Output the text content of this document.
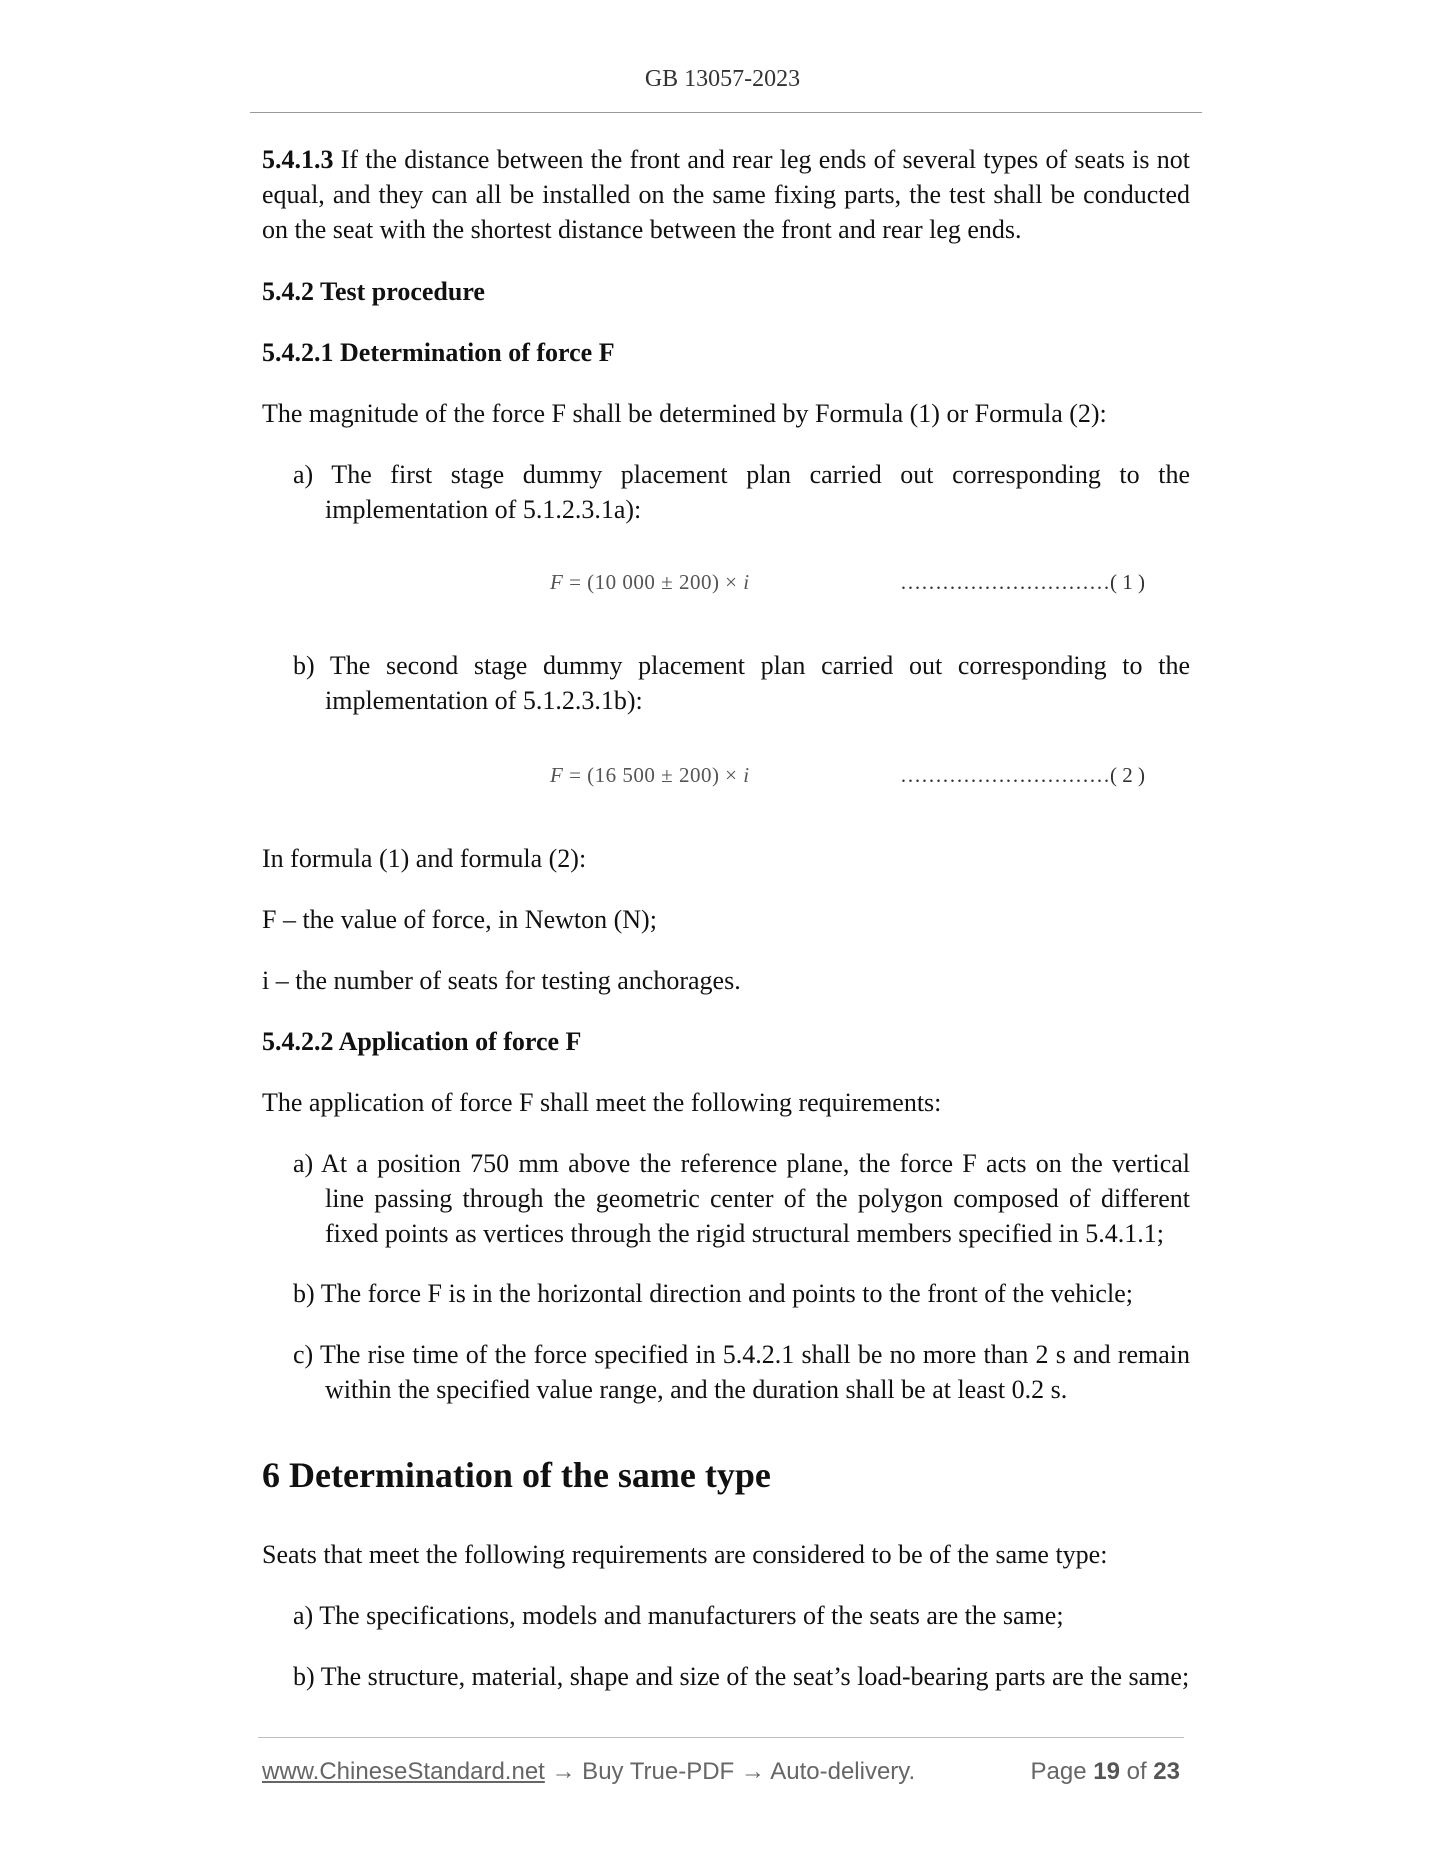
GB 13057-2023

5.4.1.3 If the distance between the front and rear leg ends of several types of seats is not equal, and they can all be installed on the same fixing parts, the test shall be conducted on the seat with the shortest distance between the front and rear leg ends.

5.4.2 Test procedure
5.4.2.1 Determination of force F
The magnitude of the force F shall be determined by Formula (1) or Formula (2):
a) The first stage dummy placement plan carried out corresponding to the implementation of 5.1.2.3.1a):
F = (10 000 ± 200) × i	…………………………( 1 )
b) The second stage dummy placement plan carried out corresponding to the implementation of 5.1.2.3.1b):
F = (16 500 ± 200) × i	…………………………( 2 )
In formula (1) and formula (2):
F – the value of force, in Newton (N);
i – the number of seats for testing anchorages.
5.4.2.2 Application of force F
The application of force F shall meet the following requirements:
a) At a position 750 mm above the reference plane, the force F acts on the vertical line passing through the geometric center of the polygon composed of different fixed points as vertices through the rigid structural members specified in 5.4.1.1;
b) The force F is in the horizontal direction and points to the front of the vehicle;
c) The rise time of the force specified in 5.4.2.1 shall be no more than 2 s and remain within the specified value range, and the duration shall be at least 0.2 s.
6 Determination of the same type
Seats that meet the following requirements are considered to be of the same type:
a) The specifications, models and manufacturers of the seats are the same;
b) The structure, material, shape and size of the seat’s load-bearing parts are the same;
www.ChineseStandard.net → Buy True-PDF → Auto-delivery.	Page 19 of 23
